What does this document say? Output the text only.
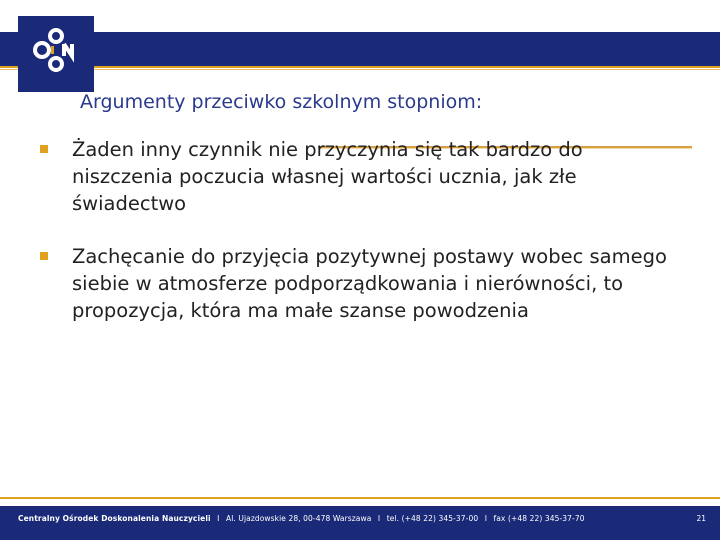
Argumenty przeciwko szkolnym stopniom:
Żaden inny czynnik nie przyczynia się tak bardzo do niszczenia poczucia własnej wartości ucznia, jak złe świadectwo
Zachęcanie do przyjęcia pozytywnej postawy wobec samego siebie w atmosferze podporządkowania i nierówności, to propozycja, która ma małe szanse powodzenia
Centralny Ośrodek Doskonalenia Nauczycieli I Al. Ujazdowskie 28, 00-478 Warszawa I tel. (+48 22) 345-37-00 I fax (+48 22) 345-37-70	21
